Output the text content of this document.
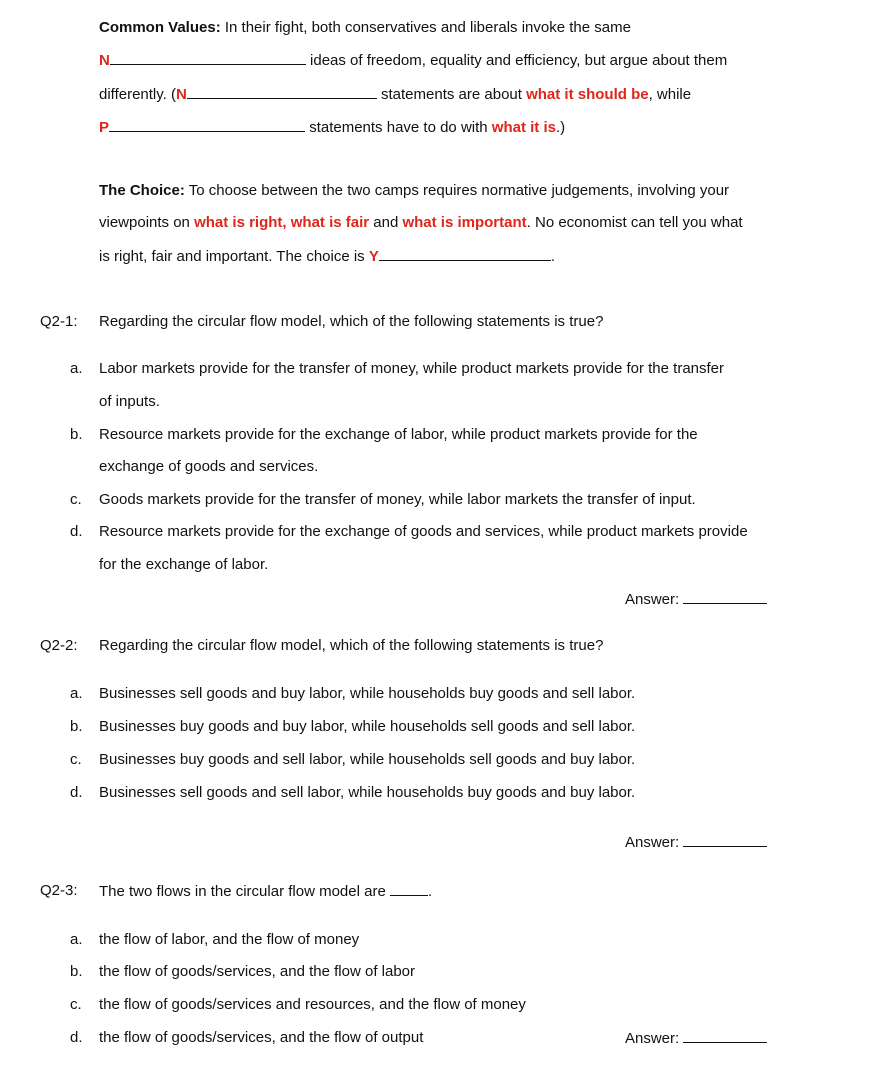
Common Values: In their fight, both conservatives and liberals invoke the same
N	ideas of freedom, equality and efficiency, but argue about them
differently. (N	statements are about what it should be, while
P	statements have to do with what it is.)
The Choice: To choose between the two camps requires normative judgements, involving your
viewpoints on what is right, what is fair and what is important. No economist can tell you what
is right, fair and important. The choice is Y	.
Q2-1: Regarding the circular flow model, which of the following statements is true?
a. Labor markets provide for the transfer of money, while product markets provide for the transfer
of inputs.
b. Resource markets provide for the exchange of labor, while product markets provide for the
exchange of goods and services.
c. Goods markets provide for the transfer of money, while labor markets the transfer of input.
d. Resource markets provide for the exchange of goods and services, while product markets provide
for the exchange of labor.
Answer:
Q2-2: Regarding the circular flow model, which of the following statements is true?
a. Businesses sell goods and buy labor, while households buy goods and sell labor.
b. Businesses buy goods and buy labor, while households sell goods and sell labor.
c. Businesses buy goods and sell labor, while households sell goods and buy labor.
d. Businesses sell goods and sell labor, while households buy goods and buy labor.
Answer:
Q2-3: The two flows in the circular flow model are	.
a. the flow of labor, and the flow of money
b. the flow of goods/services, and the flow of labor
c. the flow of goods/services and resources, and the flow of money
d. the flow of goods/services, and the flow of output	Answer:
